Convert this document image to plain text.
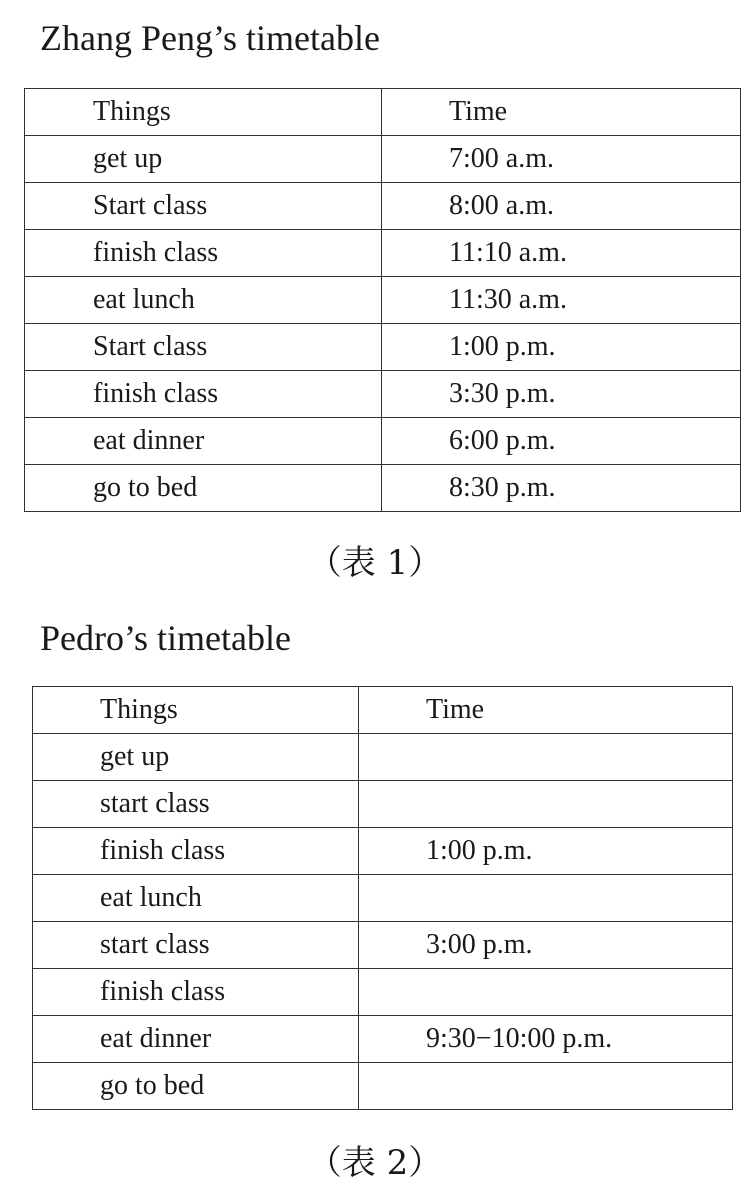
Zhang Peng’s timetable
Things	Time
get up	7:00 a.m.
Start class	8:00 a.m.
finish class	11:10 a.m.
eat lunch	11:30 a.m.
Start class	1:00 p.m.
finish class	3:30 p.m.
eat dinner	6:00 p.m.
go to bed	8:30 p.m.

（表 1）

Pedro’s timetable
Things	Time
get up	
start class	
finish class	1:00 p.m.
eat lunch	
start class	3:00 p.m.
finish class	
eat dinner	9:30−10:00 p.m.
go to bed	

（表 2）
